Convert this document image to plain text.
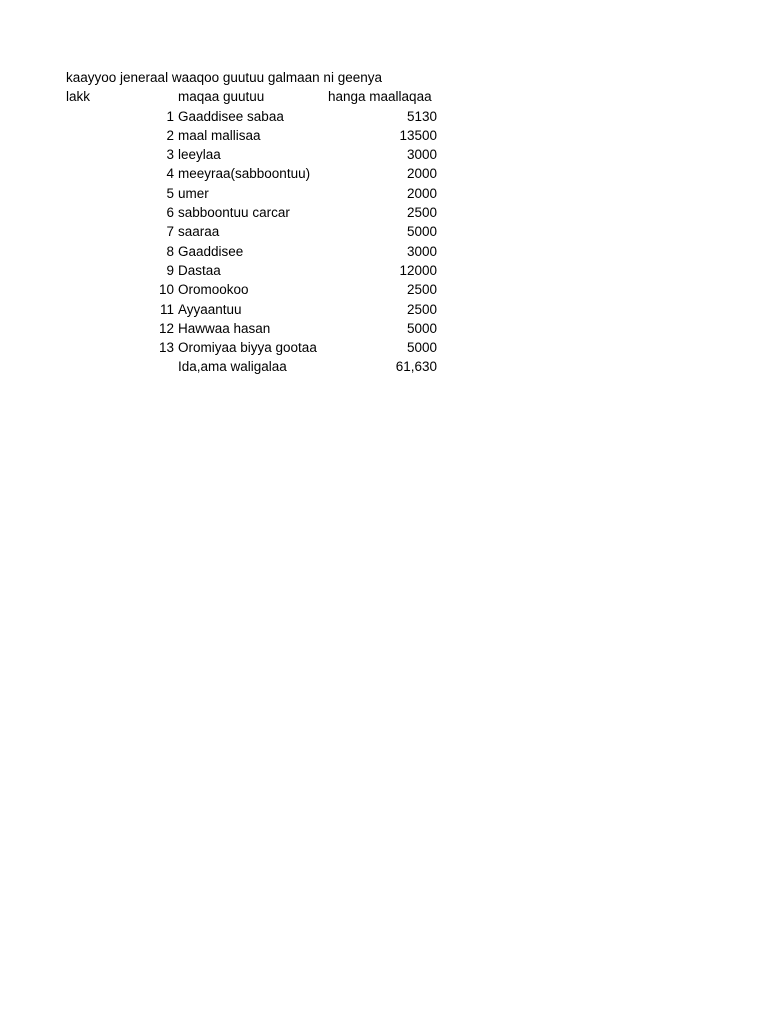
kaayyoo jeneraal waaqoo guutuu galmaan ni geenya
lakk	maqaa guutuu	hanga maallaqaa
1 Gaaddisee sabaa	5130
2 maal mallisaa	13500
3 leeylaa	3000
4 meeyraa(sabboontuu)	2000
5 umer	2000
6 sabboontuu carcar	2500
7 saaraa	5000
8 Gaaddisee	3000
9 Dastaa	12000
10 Oromookoo	2500
11 Ayyaantuu	2500
12 Hawwaa hasan	5000
13 Oromiyaa biyya gootaa	5000
Ida,ama waligalaa	61,630
